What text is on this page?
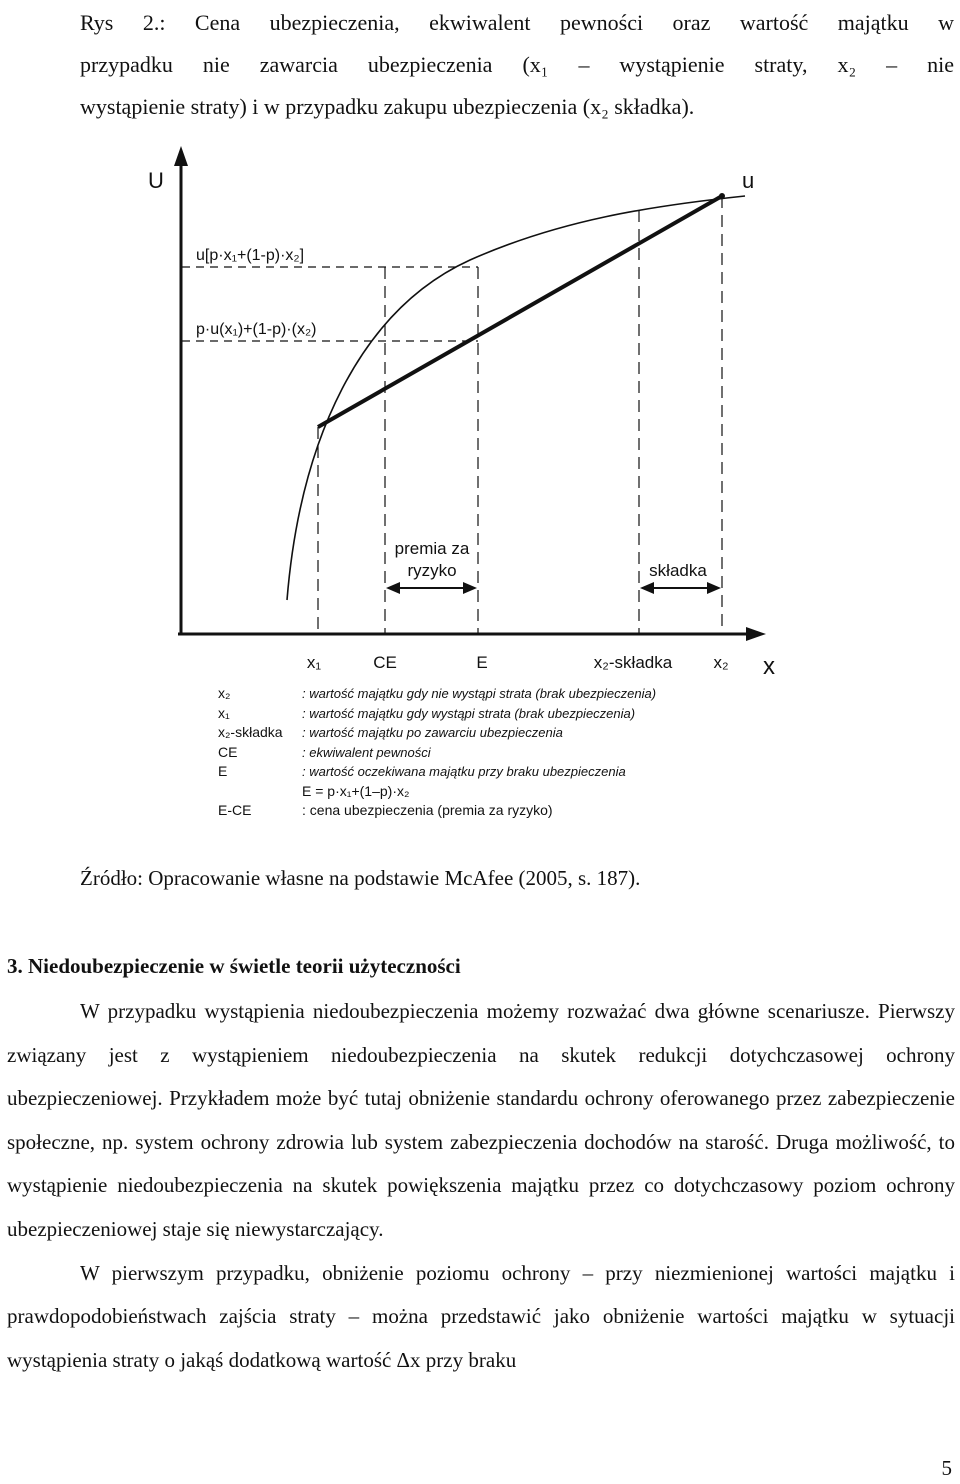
Rys 2.: Cena ubezpieczenia, ekwiwalent pewności oraz wartość majątku w
przypadku nie zawarcia ubezpieczenia (x₁ – wystąpienie straty, x₂ – nie
wystąpienie straty) i w przypadku zakupu ubezpieczenia (x₂ składka).
U
x
u
u[p·x₁+(1-p)·x₂]
p·u(x₁)+(1-p)·(x₂)
premia za
ryzyko	składka
x₁	CE	E	x₂-składka x₂
x₂	: wartość majątku gdy nie wystąpi strata (brak ubezpieczenia)
x₁	: wartość majątku gdy wystąpi strata (brak ubezpieczenia)
x₂-składka : wartość majątku po zawarciu ubezpieczenia
CE	: ekwiwalent pewności
E	: wartość oczekiwana majątku przy braku ubezpieczenia
E = p·x₁+(1–p)·x₂
E-CE	: cena ubezpieczenia (premia za ryzyko)
Źródło: Opracowanie własne na podstawie McAfee (2005, s. 187).
3. Niedoubezpieczenie w świetle teorii użyteczności

W przypadku wystąpienia niedoubezpieczenia możemy rozważać dwa główne scenariusze. Pierwszy związany jest z wystąpieniem niedoubezpieczenia na skutek redukcji dotychczasowej ochrony ubezpieczeniowej. Przykładem może być tutaj obniżenie standardu ochrony oferowanego przez zabezpieczenie społeczne, np. system ochrony zdrowia lub system zabezpieczenia dochodów na starość. Druga możliwość, to wystąpienie niedoubezpieczenia na skutek powiększenia majątku przez co dotychczasowy poziom ochrony ubezpieczeniowej staje się niewystarczający.

W pierwszym przypadku, obniżenie poziomu ochrony – przy niezmienionej wartości majątku i prawdopodobieństwach zajścia straty – można przedstawić jako obniżenie wartości majątku w sytuacji wystąpienia straty o jakąś dodatkową wartość Δx przy braku

5
